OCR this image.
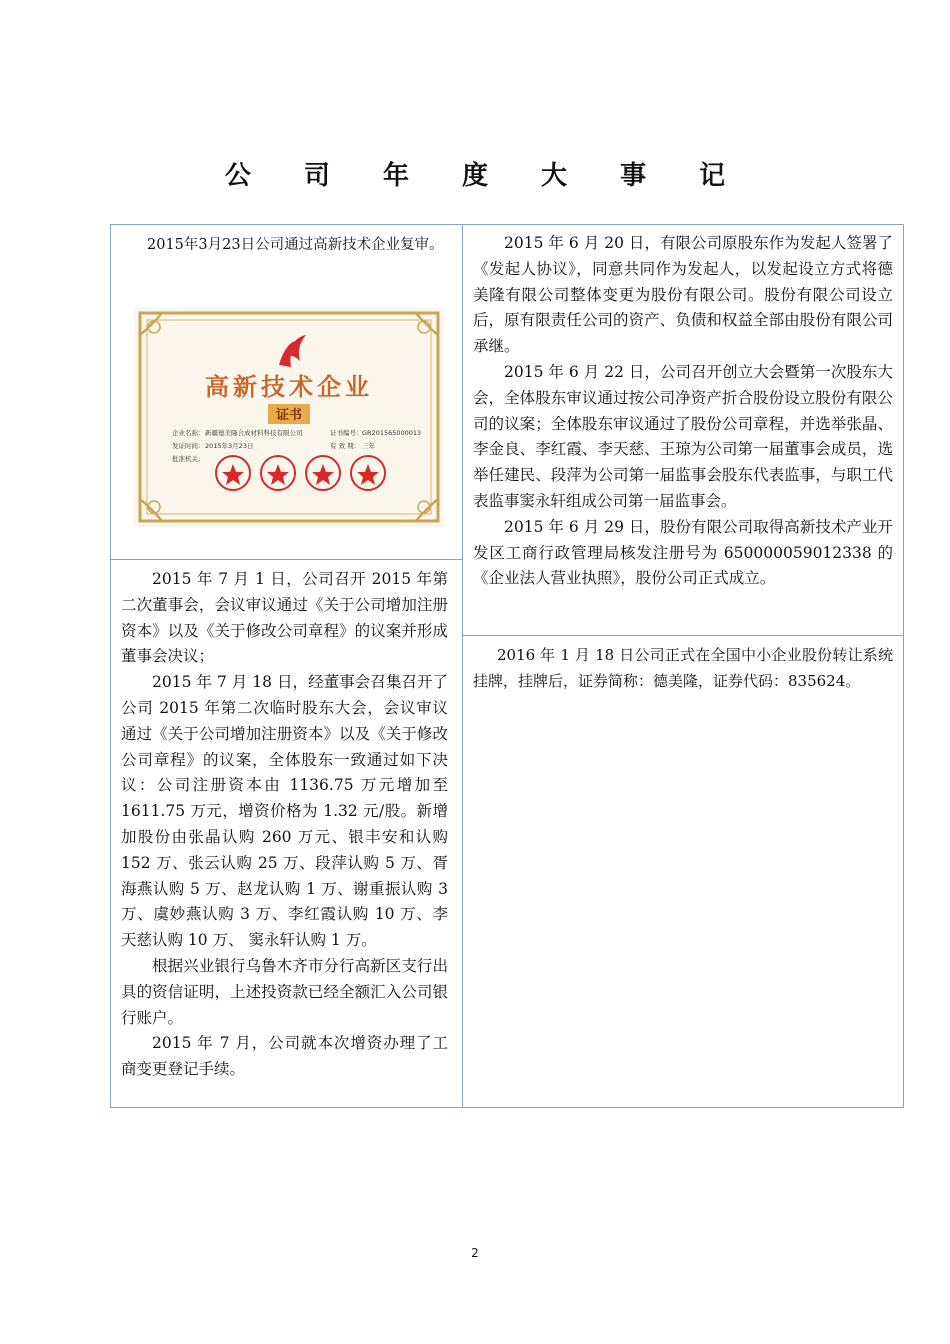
公 司 年 度 大 事 记

2015年3月23日公司通过高新技术企业复审。

高新技术企业
证书
企业名称： 新疆德美隆合成材料科技有限公司	证书编号： GR201565000013
发证时间： 2015年3月23日	有 效 期： 三年
批准机关：

2015 年 7 月 1 日，公司召开 2015 年第二次董事会，会议审议通过《关于公司增加注册资本》以及《关于修改公司章程》的议案并形成董事会决议；

2015 年 7 月 18 日，经董事会召集召开了公司 2015 年第二次临时股东大会，会议审议通过《关于公司增加注册资本》以及《关于修改公司章程》的议案，全体股东一致通过如下决议：公司注册资本由 1136.75 万元增加至 1611.75 万元，增资价格为 1.32 元/股。新增加股份由张晶认购 260 万元、银丰安和认购 152 万、张云认购 25 万、段萍认购 5 万、胥海燕认购 5 万、赵龙认购 1 万、谢重振认购 3 万、虞妙燕认购 3 万、李红霞认购 10 万、李天慈认购 10 万、 窦永轩认购 1 万。

根据兴业银行乌鲁木齐市分行高新区支行出具的资信证明，上述投资款已经全额汇入公司银行账户。

2015 年 7 月，公司就本次增资办理了工商变更登记手续。

2015 年 6 月 20 日，有限公司原股东作为发起人签署了《发起人协议》，同意共同作为发起人，以发起设立方式将德美隆有限公司整体变更为股份有限公司。股份有限公司设立后，原有限责任公司的资产、负债和权益全部由股份有限公司承继。

2015 年 6 月 22 日，公司召开创立大会暨第一次股东大会，全体股东审议通过按公司净资产折合股份设立股份有限公司的议案；全体股东审议通过了股份公司章程，并选举张晶、李金良、李红霞、李天慈、王琼为公司第一届董事会成员，选举任建民、段萍为公司第一届监事会股东代表监事，与职工代表监事窦永轩组成公司第一届监事会。

2015 年 6 月 29 日，股份有限公司取得高新技术产业开发区工商行政管理局核发注册号为 650000059012338 的《企业法人营业执照》，股份公司正式成立。

2016 年 1 月 18 日公司正式在全国中小企业股份转让系统挂牌，挂牌后，证券简称：德美隆，证券代码：835624。

2
